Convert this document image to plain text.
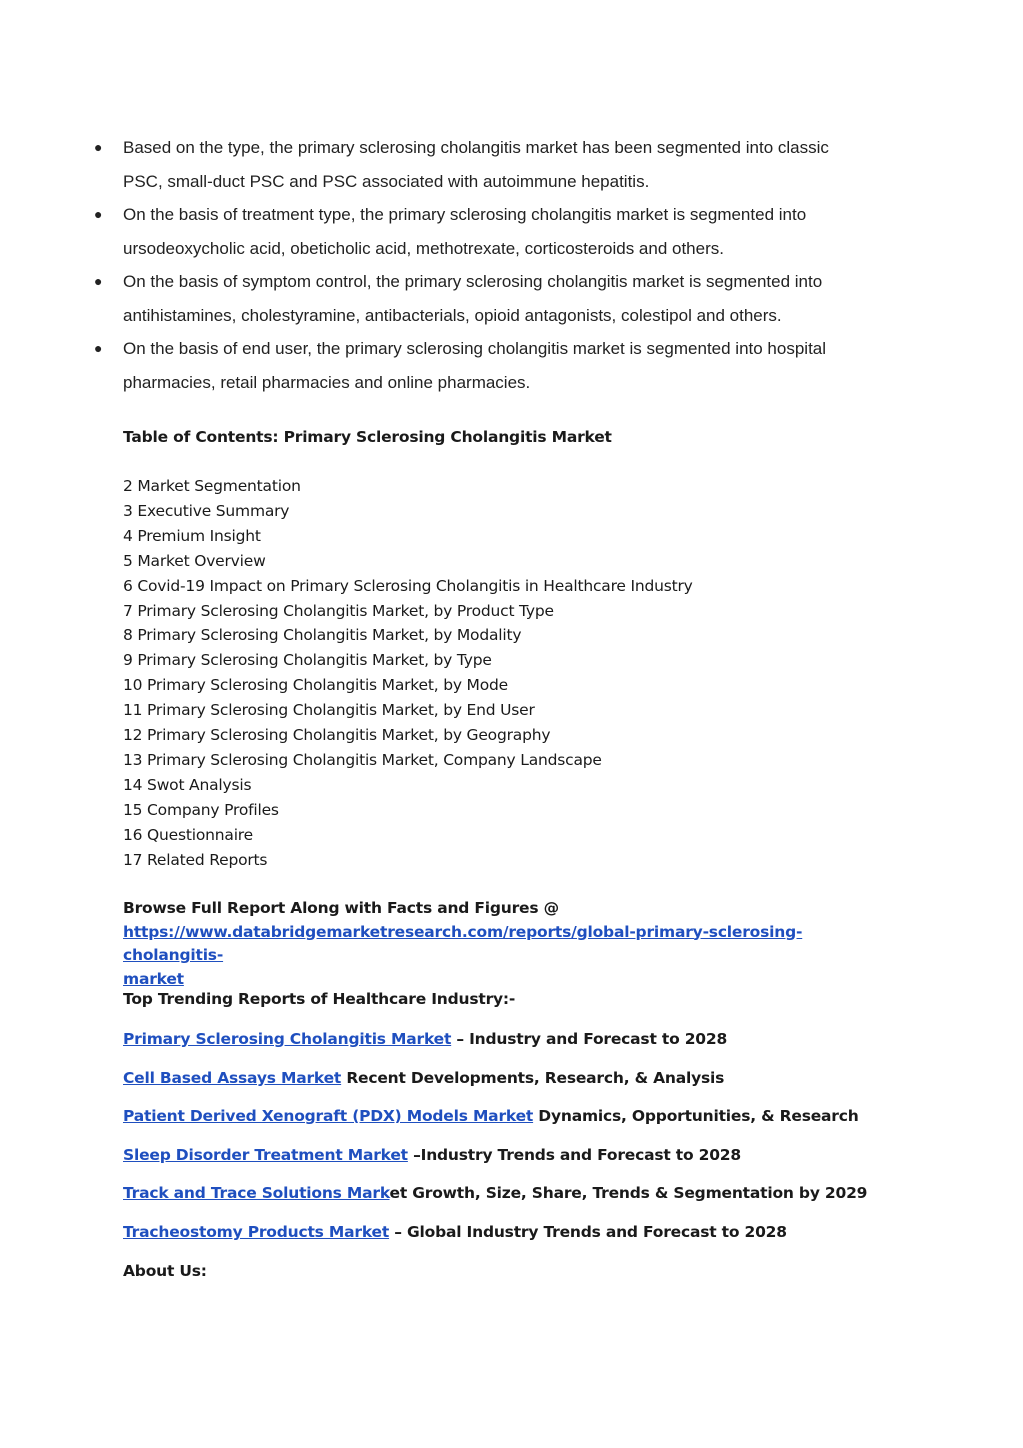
● Based on the type, the primary sclerosing cholangitis market has been segmented into classic
PSC, small-duct PSC and PSC associated with autoimmune hepatitis.
● On the basis of treatment type, the primary sclerosing cholangitis market is segmented into
ursodeoxycholic acid, obeticholic acid, methotrexate, corticosteroids and others.
● On the basis of symptom control, the primary sclerosing cholangitis market is segmented into
antihistamines, cholestyramine, antibacterials, opioid antagonists, colestipol and others.
● On the basis of end user, the primary sclerosing cholangitis market is segmented into hospital
pharmacies, retail pharmacies and online pharmacies.
Table of Contents: Primary Sclerosing Cholangitis Market
2 Market Segmentation
3 Executive Summary
4 Premium Insight
5 Market Overview
6 Covid-19 Impact on Primary Sclerosing Cholangitis in Healthcare Industry
7 Primary Sclerosing Cholangitis Market, by Product Type
8 Primary Sclerosing Cholangitis Market, by Modality
9 Primary Sclerosing Cholangitis Market, by Type
10 Primary Sclerosing Cholangitis Market, by Mode
11 Primary Sclerosing Cholangitis Market, by End User
12 Primary Sclerosing Cholangitis Market, by Geography
13 Primary Sclerosing Cholangitis Market, Company Landscape
14 Swot Analysis
15 Company Profiles
16 Questionnaire
17 Related Reports
Browse Full Report Along with Facts and Figures @
https://www.databridgemarketresearch.com/reports/global-primary-sclerosing-cholangitis-
market
Top Trending Reports of Healthcare Industry:-
Primary Sclerosing Cholangitis Market – Industry and Forecast to 2028
Cell Based Assays Market Recent Developments, Research, & Analysis
Patient Derived Xenograft (PDX) Models Market Dynamics, Opportunities, & Research
Sleep Disorder Treatment Market –Industry Trends and Forecast to 2028
Track and Trace Solutions Market Growth, Size, Share, Trends & Segmentation by 2029
Tracheostomy Products Market – Global Industry Trends and Forecast to 2028
About Us:
